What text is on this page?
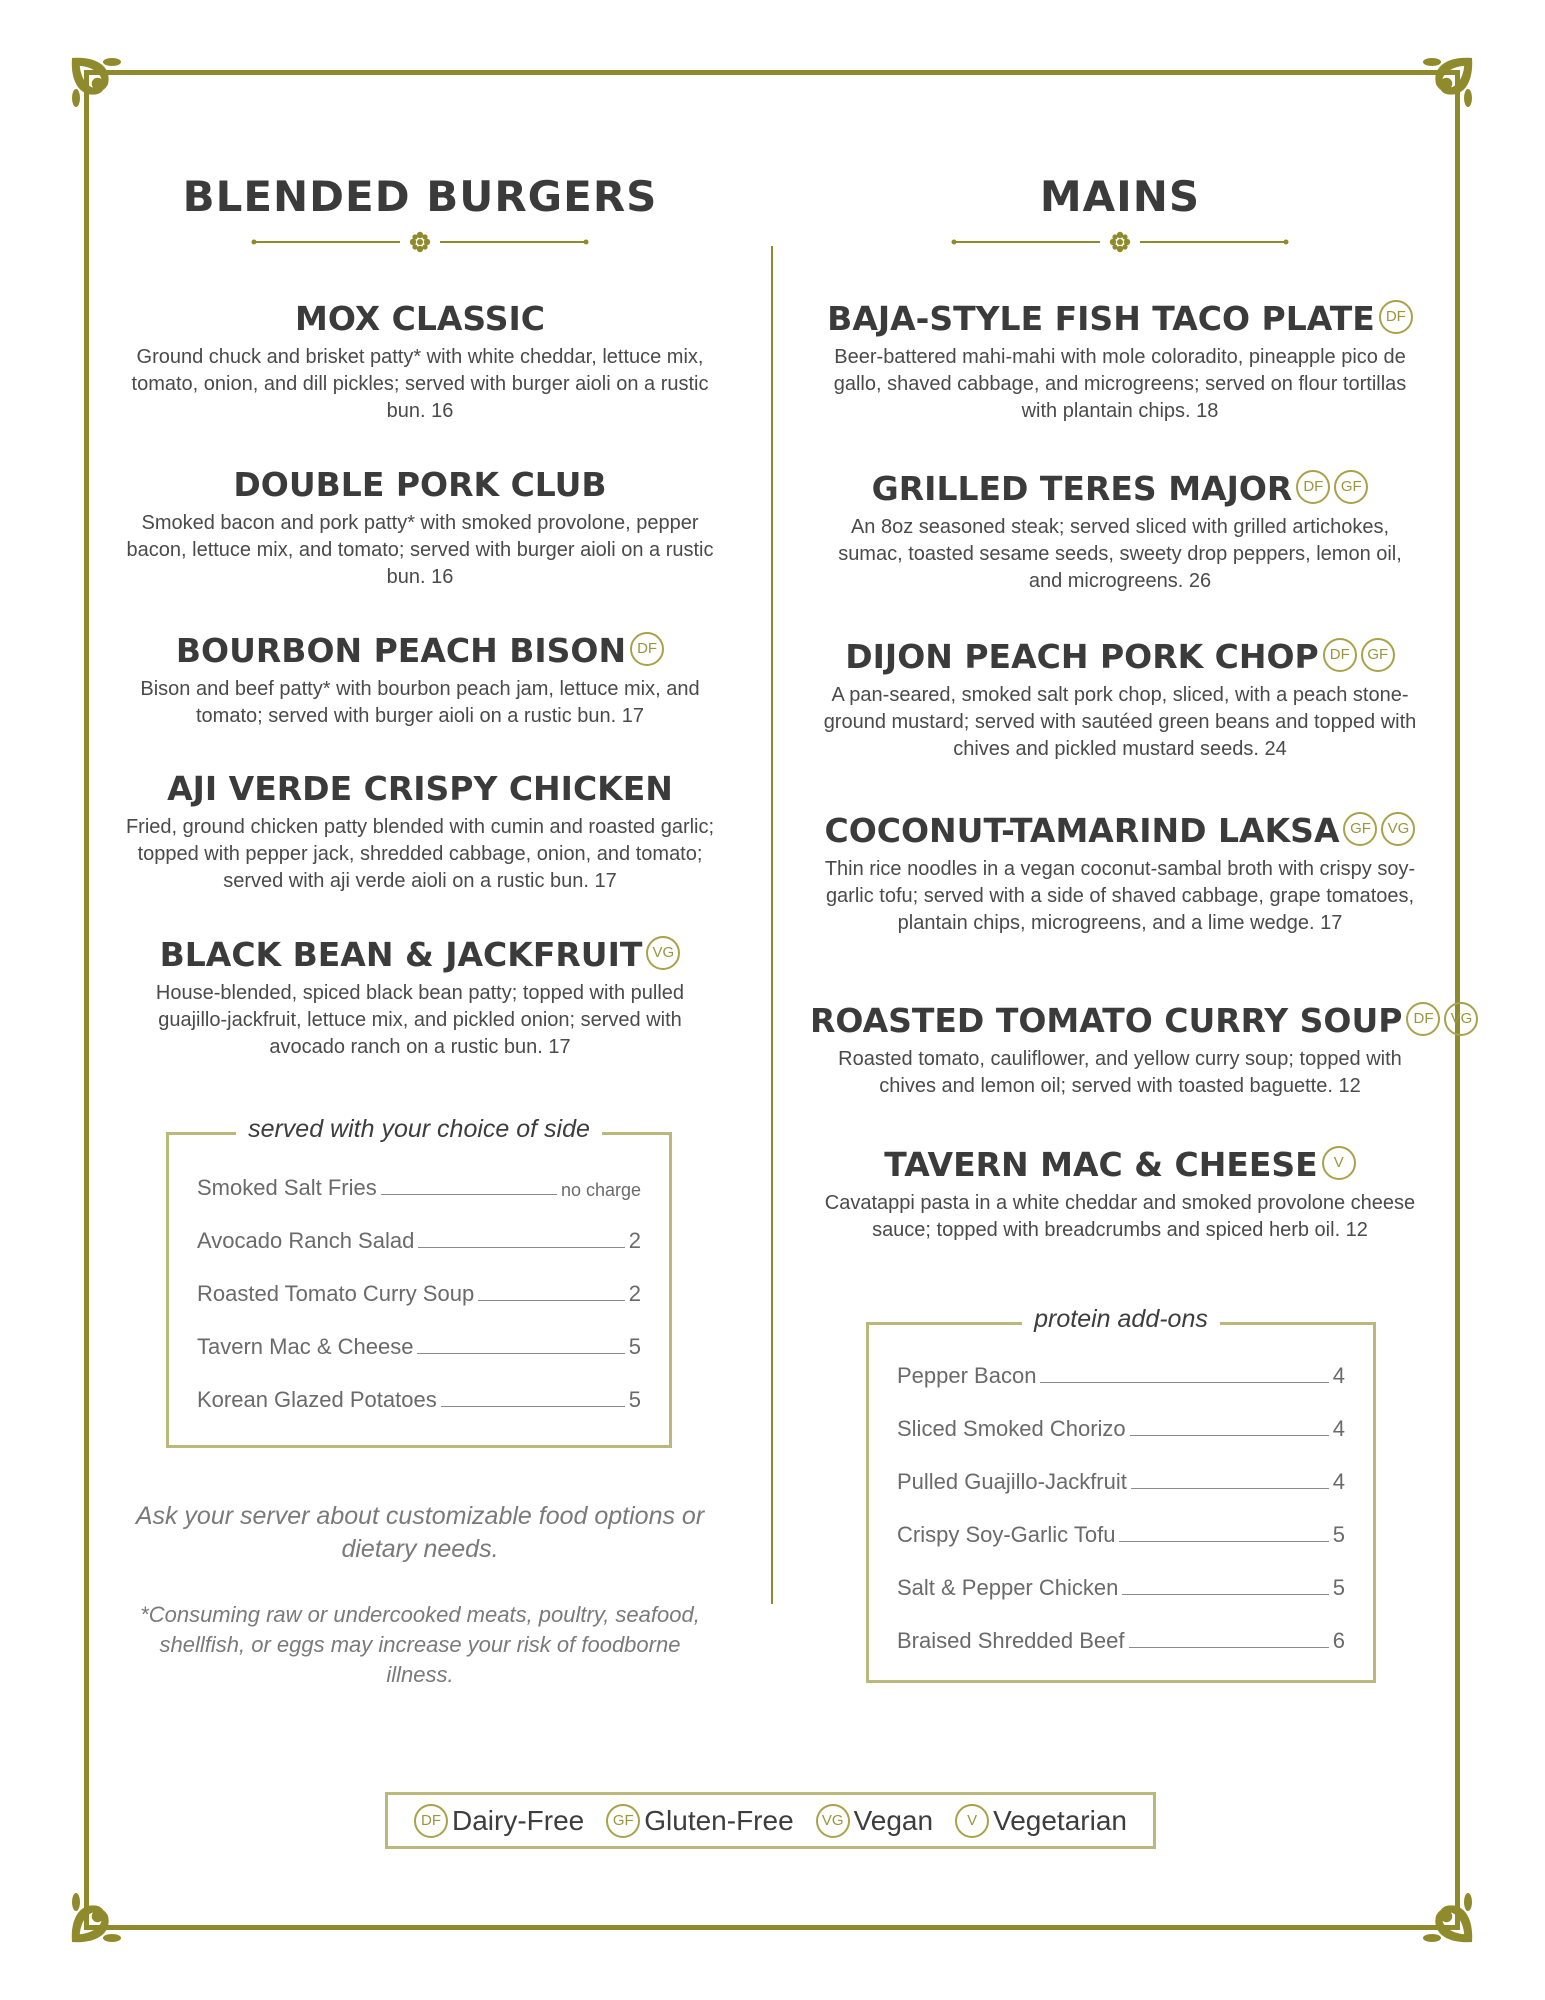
BLENDED BURGERS
MOX CLASSIC
Ground chuck and brisket patty* with white cheddar, lettuce mix, tomato, onion, and dill pickles; served with burger aioli on a rustic bun. 16
DOUBLE PORK CLUB
Smoked bacon and pork patty* with smoked provolone, pepper bacon, lettuce mix, and tomato; served with burger aioli on a rustic bun. 16
BOURBON PEACH BISON DF
Bison and beef patty* with bourbon peach jam, lettuce mix, and tomato; served with burger aioli on a rustic bun. 17
AJI VERDE CRISPY CHICKEN
Fried, ground chicken patty blended with cumin and roasted garlic; topped with pepper jack, shredded cabbage, onion, and tomato; served with aji verde aioli on a rustic bun. 17
BLACK BEAN & JACKFRUIT VG
House-blended, spiced black bean patty; topped with pulled guajillo-jackfruit, lettuce mix, and pickled onion; served with avocado ranch on a rustic bun. 17
served with your choice of side
Smoked Salt Fries	no charge
Avocado Ranch Salad	2
Roasted Tomato Curry Soup	2
Tavern Mac & Cheese	5
Korean Glazed Potatoes	5
Ask your server about customizable food options or dietary needs.
*Consuming raw or undercooked meats, poultry, seafood, shellfish, or eggs may increase your risk of foodborne illness.
MAINS
BAJA-STYLE FISH TACO PLATE DF
Beer-battered mahi-mahi with mole coloradito, pineapple pico de gallo, shaved cabbage, and microgreens; served on flour tortillas with plantain chips. 18
GRILLED TERES MAJOR DF GF
An 8oz seasoned steak; served sliced with grilled artichokes, sumac, toasted sesame seeds, sweety drop peppers, lemon oil, and microgreens. 26
DIJON PEACH PORK CHOP DF GF
A pan-seared, smoked salt pork chop, sliced, with a peach stone-ground mustard; served with sautéed green beans and topped with chives and pickled mustard seeds. 24
COCONUT-TAMARIND LAKSA GF VG
Thin rice noodles in a vegan coconut-sambal broth with crispy soy-garlic tofu; served with a side of shaved cabbage, grape tomatoes, plantain chips, microgreens, and a lime wedge. 17
ROASTED TOMATO CURRY SOUP DF VG
Roasted tomato, cauliflower, and yellow curry soup; topped with chives and lemon oil; served with toasted baguette. 12
TAVERN MAC & CHEESE V
Cavatappi pasta in a white cheddar and smoked provolone cheese sauce; topped with breadcrumbs and spiced herb oil. 12
protein add-ons
Pepper Bacon	4
Sliced Smoked Chorizo	4
Pulled Guajillo-Jackfruit	4
Crispy Soy-Garlic Tofu	5
Salt & Pepper Chicken	5
Braised Shredded Beef	6
DF Dairy-Free	GF Gluten-Free	VG Vegan	V Vegetarian
